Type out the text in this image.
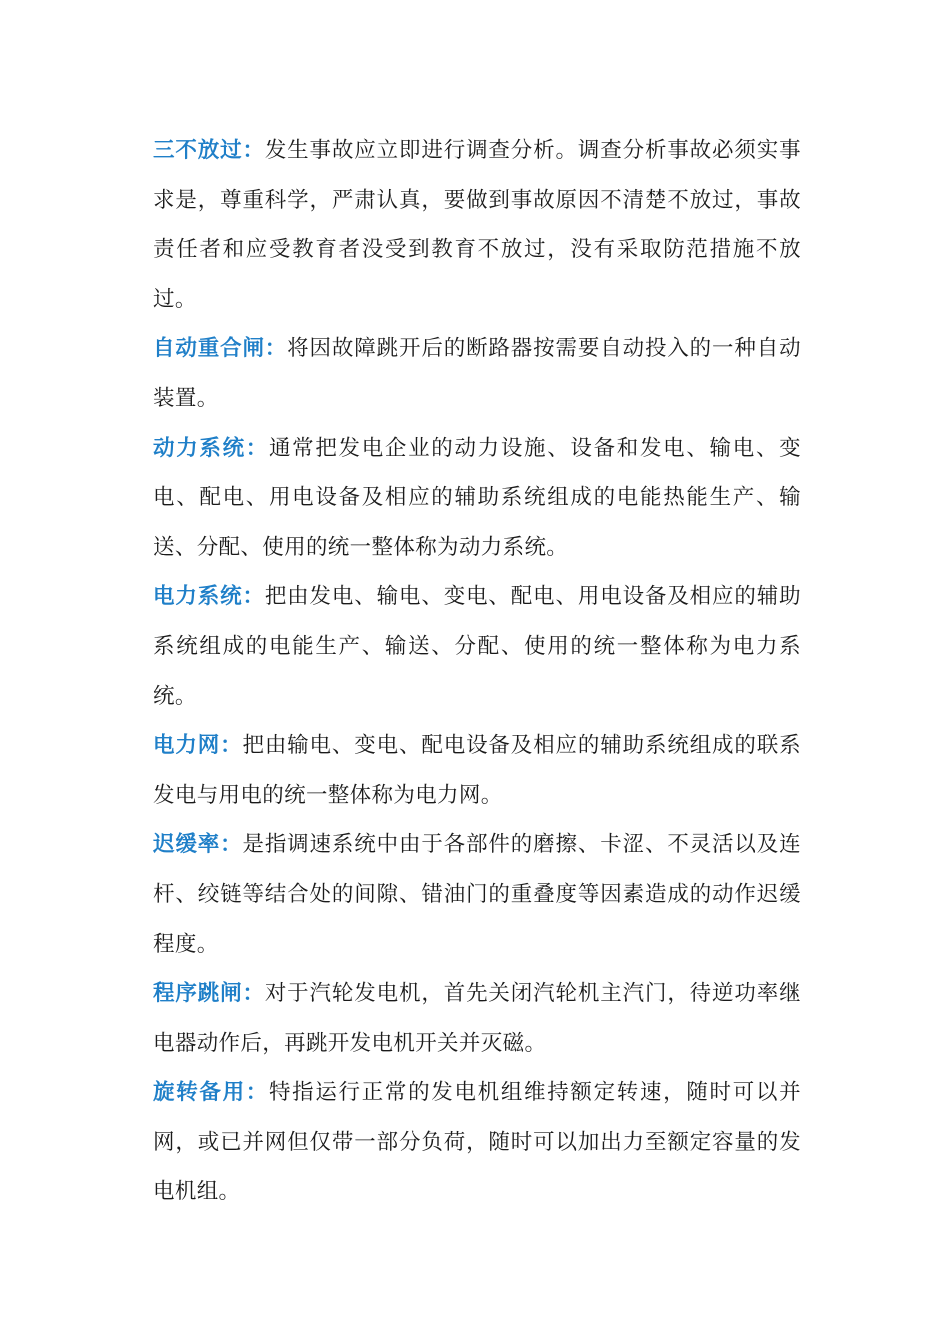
三不放过：发生事故应立即进行调查分析。调查分析事故必须实事求是，尊重科学，严肃认真，要做到事故原因不清楚不放过，事故责任者和应受教育者没受到教育不放过，没有采取防范措施不放过。

自动重合闸：将因故障跳开后的断路器按需要自动投入的一种自动装置。

动力系统：通常把发电企业的动力设施、设备和发电、输电、变电、配电、用电设备及相应的辅助系统组成的电能热能生产、输送、分配、使用的统一整体称为动力系统。

电力系统：把由发电、输电、变电、配电、用电设备及相应的辅助系统组成的电能生产、输送、分配、使用的统一整体称为电力系统。

电力网：把由输电、变电、配电设备及相应的辅助系统组成的联系发电与用电的统一整体称为电力网。

迟缓率：是指调速系统中由于各部件的磨擦、卡涩、不灵活以及连杆、绞链等结合处的间隙、错油门的重叠度等因素造成的动作迟缓程度。

程序跳闸：对于汽轮发电机，首先关闭汽轮机主汽门，待逆功率继电器动作后，再跳开发电机开关并灭磁。

旋转备用：特指运行正常的发电机组维持额定转速，随时可以并网，或已并网但仅带一部分负荷，随时可以加出力至额定容量的发电机组。
